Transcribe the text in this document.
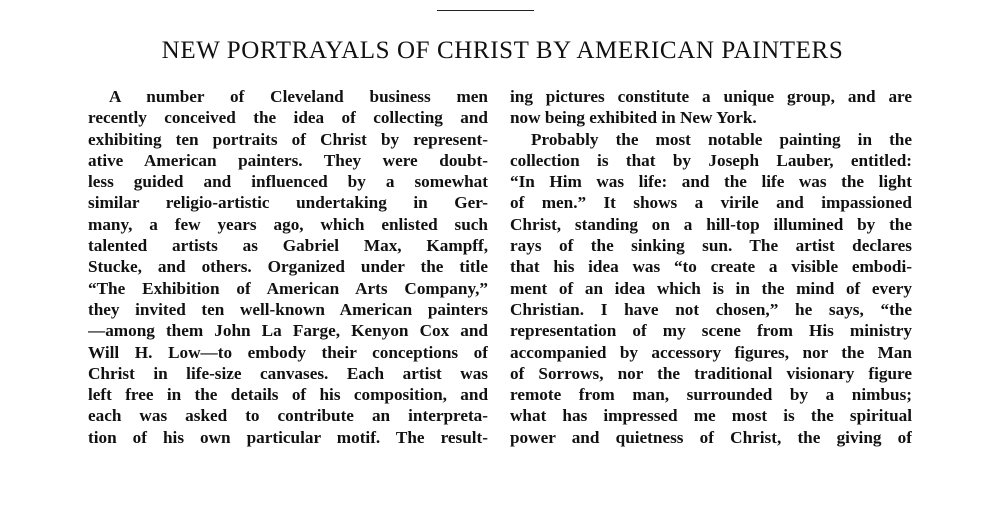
NEW PORTRAYALS OF CHRIST BY AMERICAN PAINTERS
A number of Cleveland business men
recently conceived the idea of collecting and
exhibiting ten portraits of Christ by represent-
ative American painters. They were doubt-
less guided and influenced by a somewhat
similar religio-artistic undertaking in Ger-
many, a few years ago, which enlisted such
talented artists as Gabriel Max, Kampff,
Stucke, and others. Organized under the title
“The Exhibition of American Arts Company,”
they invited ten well-known American painters
—among them John La Farge, Kenyon Cox and
Will H. Low—to embody their conceptions of
Christ in life-size canvases. Each artist was
left free in the details of his composition, and
each was asked to contribute an interpreta-
tion of his own particular motif. The result-
ing pictures constitute a unique group, and are
now being exhibited in New York.
Probably the most notable painting in the
collection is that by Joseph Lauber, entitled:
“In Him was life: and the life was the light
of men.” It shows a virile and impassioned
Christ, standing on a hill-top illumined by the
rays of the sinking sun. The artist declares
that his idea was “to create a visible embodi-
ment of an idea which is in the mind of every
Christian. I have not chosen,” he says, “the
representation of my scene from His ministry
accompanied by accessory figures, nor the Man
of Sorrows, nor the traditional visionary figure
remote from man, surrounded by a nimbus;
what has impressed me most is the spiritual
power and quietness of Christ, the giving of
